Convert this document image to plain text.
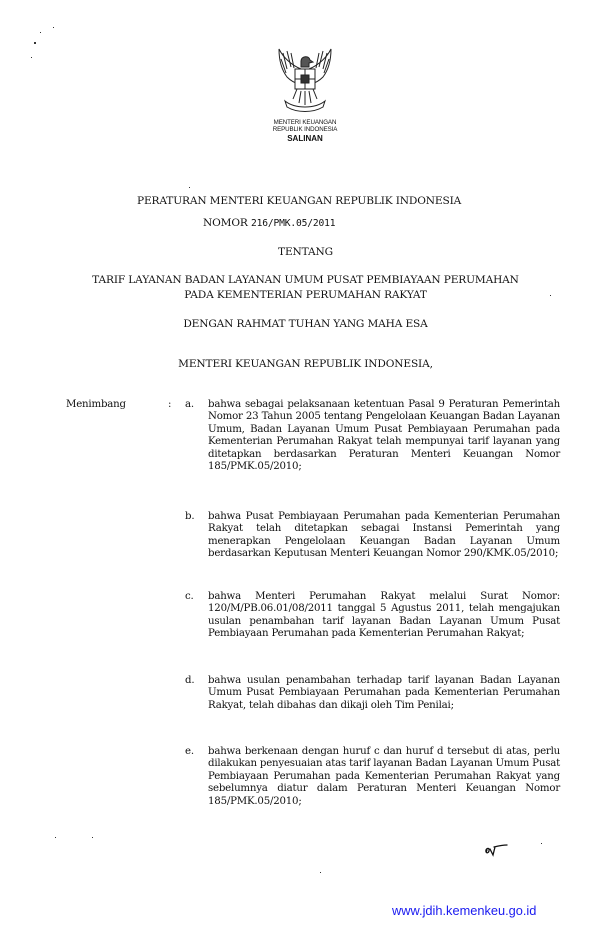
MENTERI KEUANGAN
REPUBLIK INDONESIA
SALINAN
PERATURAN MENTERI KEUANGAN REPUBLIK INDONESIA
NOMOR 216/PMK.05/2011
TENTANG
TARIF LAYANAN BADAN LAYANAN UMUM PUSAT PEMBIAYAAN PERUMAHAN
PADA KEMENTERIAN PERUMAHAN RAKYAT
DENGAN RAHMAT TUHAN YANG MAHA ESA
MENTERI KEUANGAN REPUBLIK INDONESIA,
Menimbang	: a. bahwa sebagai pelaksanaan ketentuan Pasal 9 Peraturan Pemerintah Nomor 23 Tahun 2005 tentang Pengelolaan Keuangan Badan Layanan Umum, Badan Layanan Umum Pusat Pembiayaan Perumahan pada Kementerian Perumahan Rakyat telah mempunyai tarif layanan yang ditetapkan berdasarkan Peraturan Menteri Keuangan Nomor 185/PMK.05/2010;
b. bahwa Pusat Pembiayaan Perumahan pada Kementerian Perumahan Rakyat telah ditetapkan sebagai Instansi Pemerintah yang menerapkan Pengelolaan Keuangan Badan Layanan Umum berdasarkan Keputusan Menteri Keuangan Nomor 290/KMK.05/2010;
c. bahwa Menteri Perumahan Rakyat melalui Surat Nomor: 120/M/PB.06.01/08/2011 tanggal 5 Agustus 2011, telah mengajukan usulan penambahan tarif layanan Badan Layanan Umum Pusat Pembiayaan Perumahan pada Kementerian Perumahan Rakyat;
d. bahwa usulan penambahan terhadap tarif layanan Badan Layanan Umum Pusat Pembiayaan Perumahan pada Kementerian Perumahan Rakyat, telah dibahas dan dikaji oleh Tim Penilai;
e. bahwa berkenaan dengan huruf c dan huruf d tersebut di atas, perlu dilakukan penyesuaian atas tarif layanan Badan Layanan Umum Pusat Pembiayaan Perumahan pada Kementerian Perumahan Rakyat yang sebelumnya diatur dalam Peraturan Menteri Keuangan Nomor 185/PMK.05/2010;
www.jdih.kemenkeu.go.id
